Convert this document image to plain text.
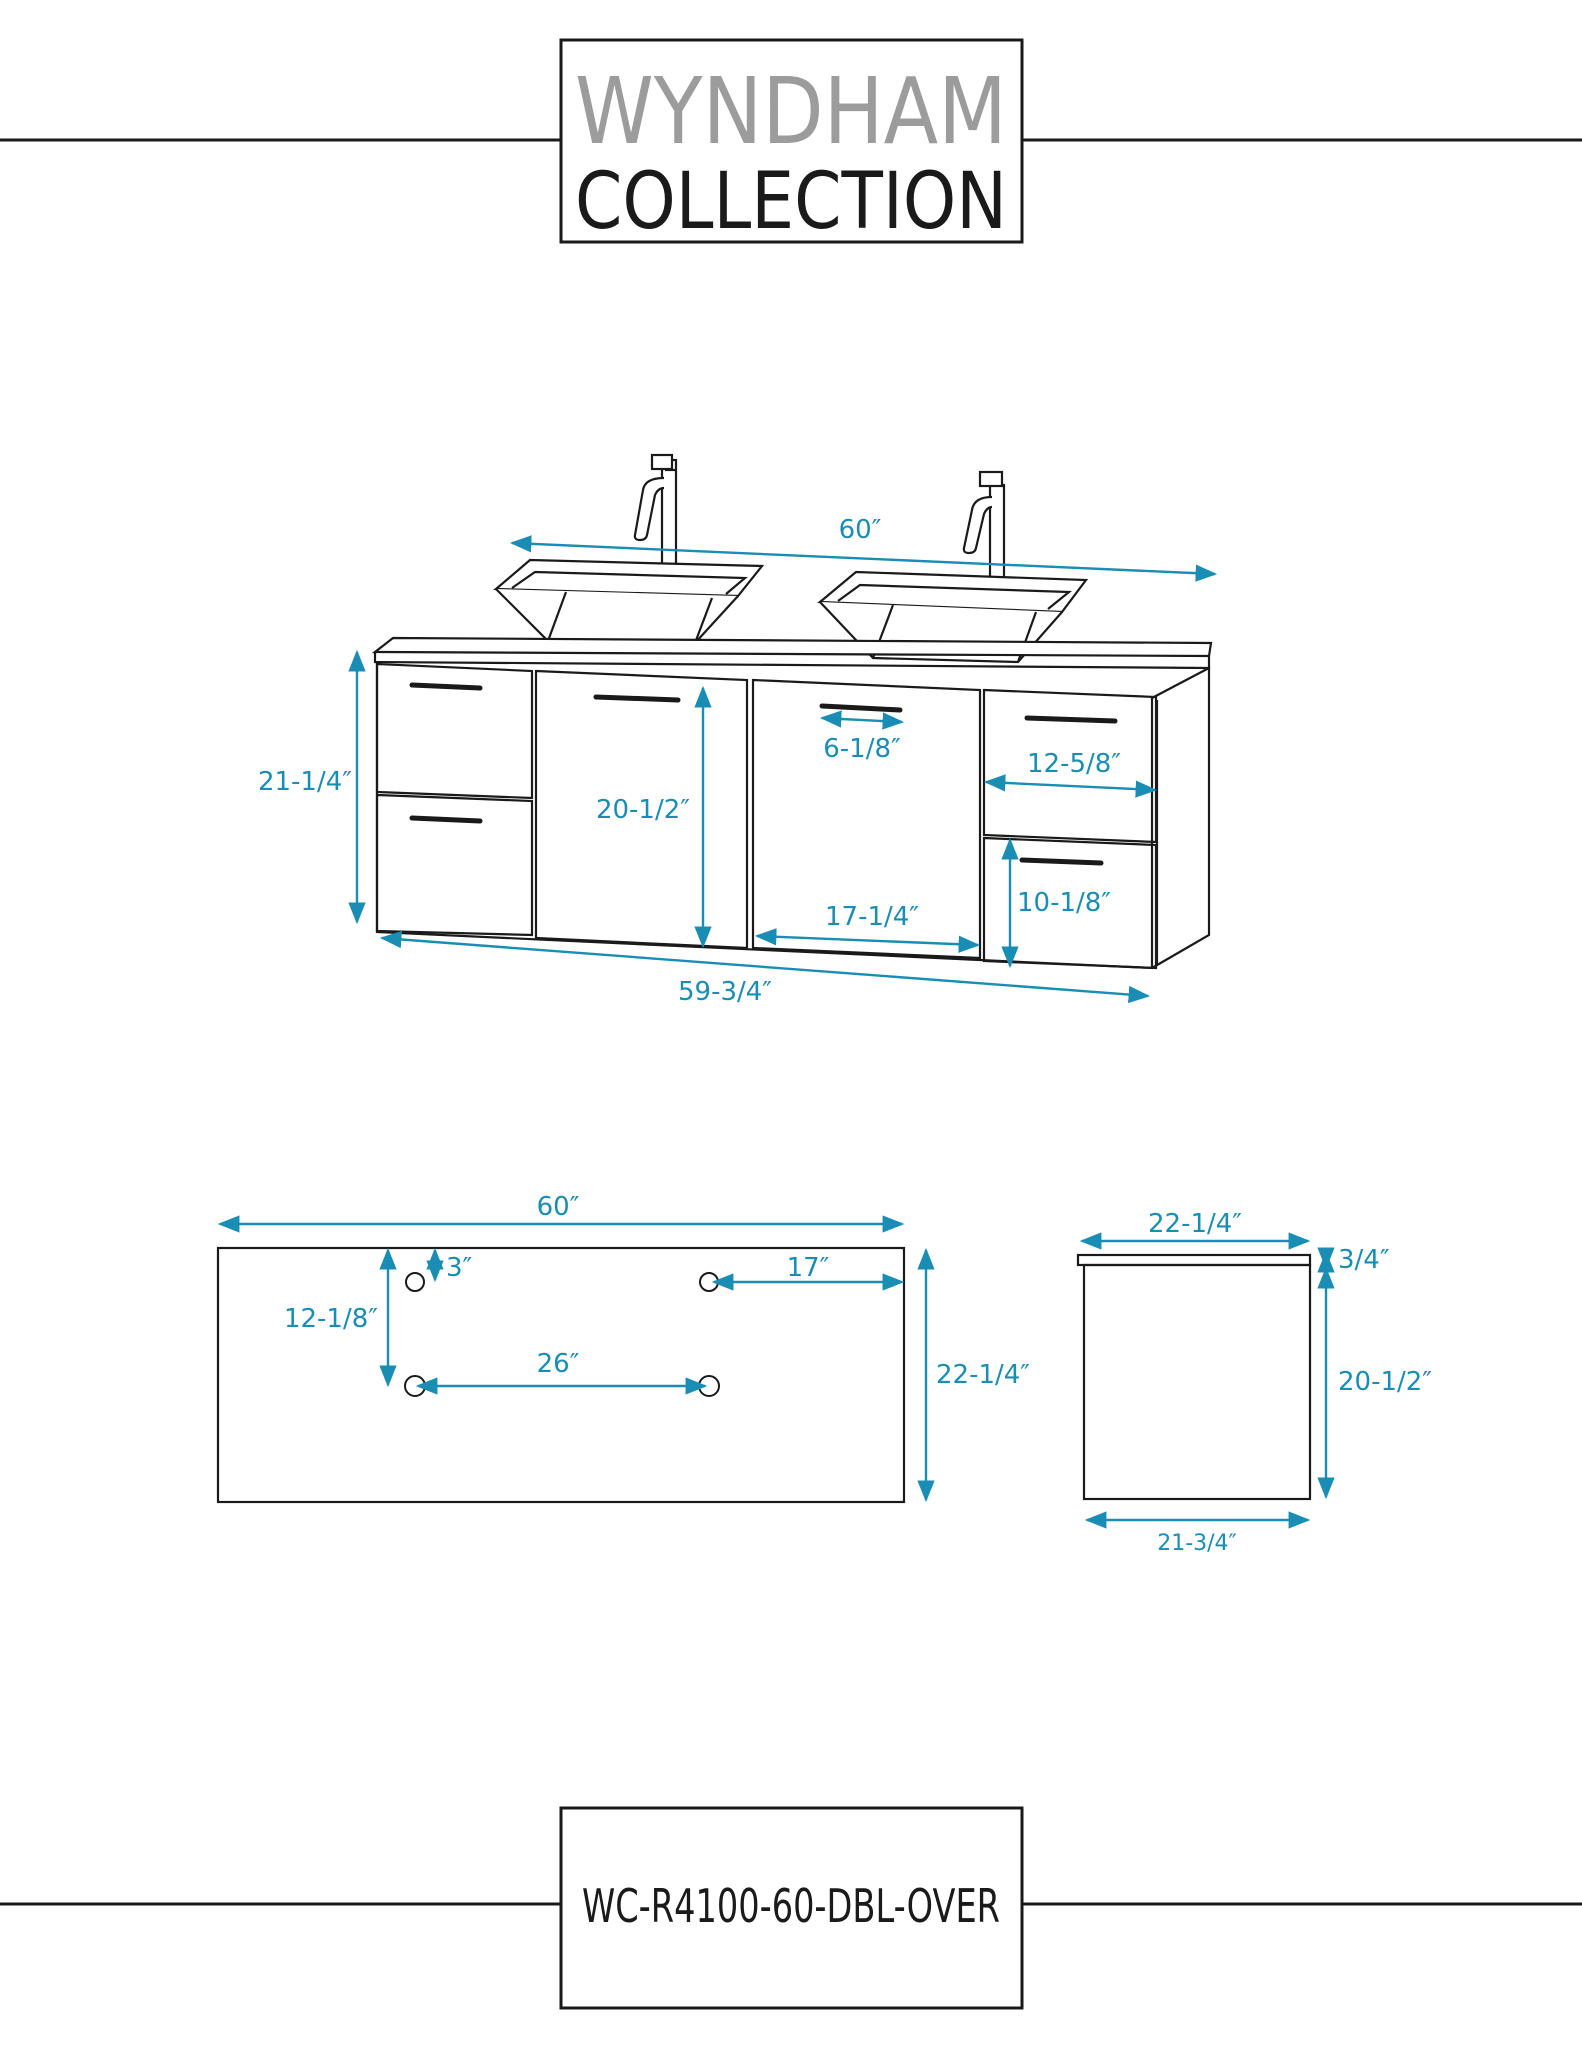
WYNDHAM
COLLECTION
60″
21-1/4″
20-1/2″
6-1/8″	12-5/8″
17-1/4″	10-1/8″
59-3/4″
60″
3″	17″
12-1/8″
26″	22-1/4″
22-1/4″
3/4″
20-1/2″
21-3/4″
WC-R4100-60-DBL-OVER
